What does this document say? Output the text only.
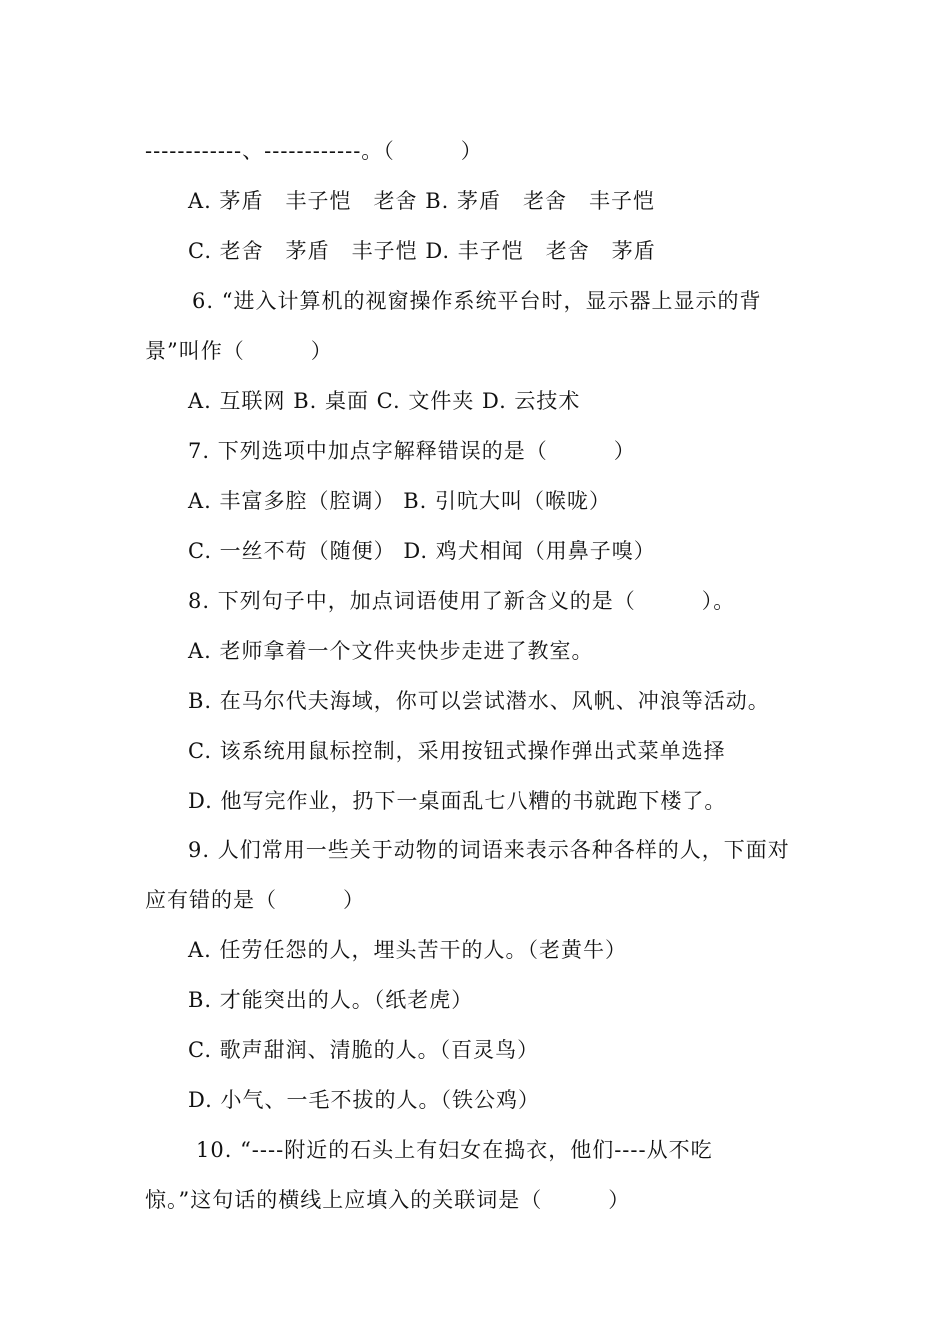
------------、------------。（　　　）
A. 茅盾　丰子恺　老舍 B. 茅盾　老舍　丰子恺
C. 老舍　茅盾　丰子恺 D. 丰子恺　老舍　茅盾
6. “进入计算机的视窗操作系统平台时，显示器上显示的背
景”叫作（　　　）
A. 互联网 B. 桌面 C. 文件夹 D. 云技术
7. 下列选项中加点字解释错误的是（　　　）
A. 丰富多腔（腔调） B. 引吭大叫（喉咙）
C. 一丝不苟（随便） D. 鸡犬相闻（用鼻子嗅）
8. 下列句子中，加点词语使用了新含义的是（　　　）。
A. 老师拿着一个文件夹快步走进了教室。
B. 在马尔代夫海域，你可以尝试潜水、风帆、冲浪等活动。
C. 该系统用鼠标控制，采用按钮式操作弹出式菜单选择
D. 他写完作业，扔下一桌面乱七八糟的书就跑下楼了。
9. 人们常用一些关于动物的词语来表示各种各样的人，下面对
应有错的是（　　　）
A. 任劳任怨的人，埋头苦干的人。（老黄牛）
B. 才能突出的人。（纸老虎）
C. 歌声甜润、清脆的人。（百灵鸟）
D. 小气、一毛不拔的人。（铁公鸡）
10. “----附近的石头上有妇女在捣衣，他们----从不吃
惊。”这句话的横线上应填入的关联词是（　　　）
